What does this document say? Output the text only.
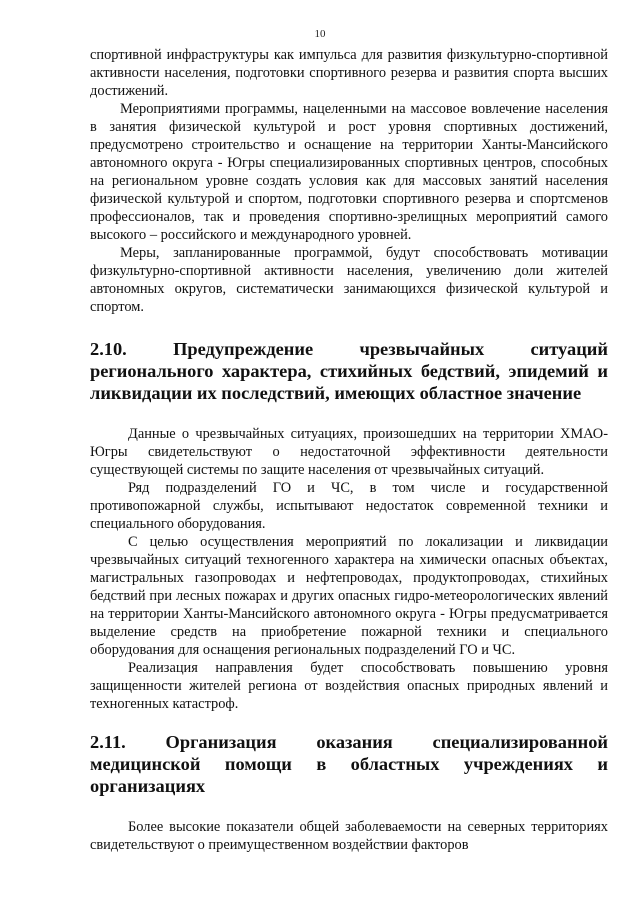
10

спортивной инфраструктуры как импульса для развития физкультурно-спортивной активности населения, подготовки спортивного резерва и развития спорта высших достижений.

Мероприятиями программы, нацеленными на массовое вовлечение населения в занятия физической культурой и рост уровня спортивных достижений, предусмотрено строительство и оснащение на территории Ханты-Мансийского автономного округа - Югры специализированных спортивных центров, способных на региональном уровне создать условия как для массовых занятий населения физической культурой и спортом, подготовки спортивного резерва и спортсменов профессионалов, так и проведения спортивно-зрелищных мероприятий самого высокого – российского и международного уровней.

Меры, запланированные программой, будут способствовать мотивации физкультурно-спортивной активности населения, увеличению доли жителей автономных округов, систематически занимающихся физической культурой и спортом.

2.10. Предупреждение чрезвычайных ситуаций регионального характера, стихийных бедствий, эпидемий и ликвидации их последствий, имеющих областное значение

Данные о чрезвычайных ситуациях, произошедших на территории ХМАО-Югры свидетельствуют о недостаточной эффективности деятельности существующей системы по защите населения от чрезвычайных ситуаций.

Ряд подразделений ГО и ЧС, в том числе и государственной противопожарной службы, испытывают недостаток современной техники и специального оборудования.

С целью осуществления мероприятий по локализации и ликвидации чрезвычайных ситуаций техногенного характера на химически опасных объектах, магистральных газопроводах и нефтепроводах, продуктопроводах, стихийных бедствий при лесных пожарах и других опасных гидро-метеорологических явлений на территории Ханты-Мансийского автономного округа - Югры предусматривается выделение средств на приобретение пожарной техники и специального оборудования для оснащения региональных подразделений ГО и ЧС.

Реализация направления будет способствовать повышению уровня защищенности жителей региона от воздействия опасных природных явлений и техногенных катастроф.

2.11. Организация оказания специализированной медицинской помощи в областных учреждениях и организациях

Более высокие показатели общей заболеваемости на северных территориях свидетельствуют о преимущественном воздействии факторов
